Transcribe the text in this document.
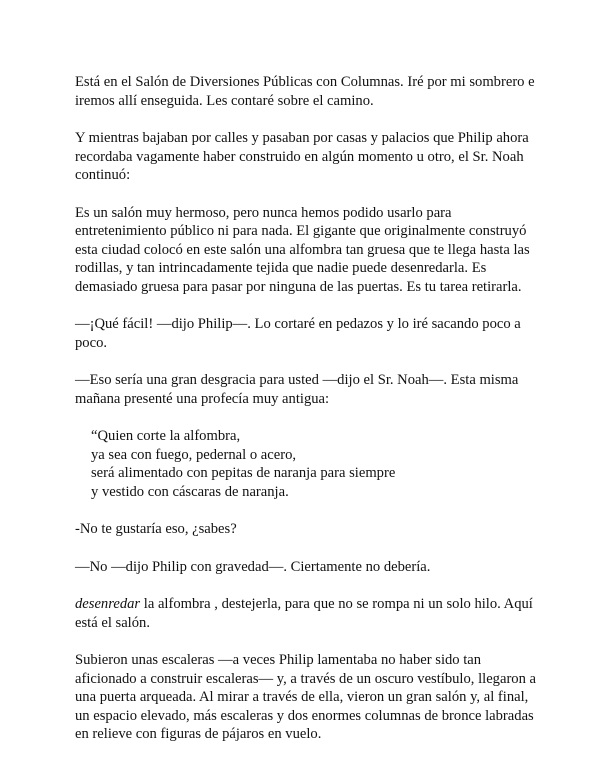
Está en el Salón de Diversiones Públicas con Columnas. Iré por mi sombrero e iremos allí enseguida. Les contaré sobre el camino.

Y mientras bajaban por calles y pasaban por casas y palacios que Philip ahora recordaba vagamente haber construido en algún momento u otro, el Sr. Noah continuó:

Es un salón muy hermoso, pero nunca hemos podido usarlo para entretenimiento público ni para nada. El gigante que originalmente construyó esta ciudad colocó en este salón una alfombra tan gruesa que te llega hasta las rodillas, y tan intrincadamente tejida que nadie puede desenredarla. Es demasiado gruesa para pasar por ninguna de las puertas. Es tu tarea retirarla.

—¡Qué fácil! —dijo Philip—. Lo cortaré en pedazos y lo iré sacando poco a poco.

—Eso sería una gran desgracia para usted —dijo el Sr. Noah—. Esta misma mañana presenté una profecía muy antigua:

“Quien corte la alfombra,
ya sea con fuego, pedernal o acero,
será alimentado con pepitas de naranja para siempre
y vestido con cáscaras de naranja.

-No te gustaría eso, ¿sabes?

—No —dijo Philip con gravedad—. Ciertamente no debería.

desenredar la alfombra , destejerla, para que no se rompa ni un solo hilo. Aquí está el salón.

Subieron unas escaleras —a veces Philip lamentaba no haber sido tan aficionado a construir escaleras— y, a través de un oscuro vestíbulo, llegaron a una puerta arqueada. Al mirar a través de ella, vieron un gran salón y, al final, un espacio elevado, más escaleras y dos enormes columnas de bronce labradas en relieve con figuras de pájaros en vuelo.
